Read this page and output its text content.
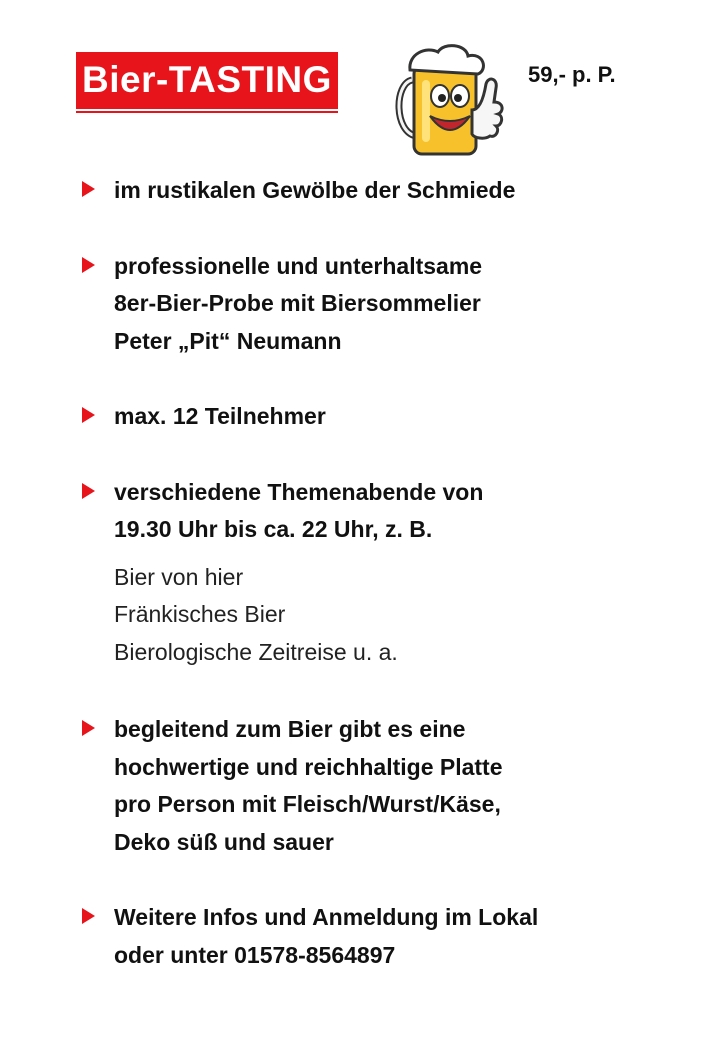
Bier-TASTING	59,- p. P.
im rustikalen Gewölbe der Schmiede
professionelle und unterhaltsame
8er-Bier-Probe mit Biersommelier
Peter „Pit“ Neumann
max. 12 Teilnehmer
verschiedene Themenabende von
19.30 Uhr bis ca. 22 Uhr, z. B.
Bier von hier
Fränkisches Bier
Bierologische Zeitreise u. a.
begleitend zum Bier gibt es eine
hochwertige und reichhaltige Platte
pro Person mit Fleisch/Wurst/Käse,
Deko süß und sauer
Weitere Infos und Anmeldung im Lokal
oder unter 01578-8564897
